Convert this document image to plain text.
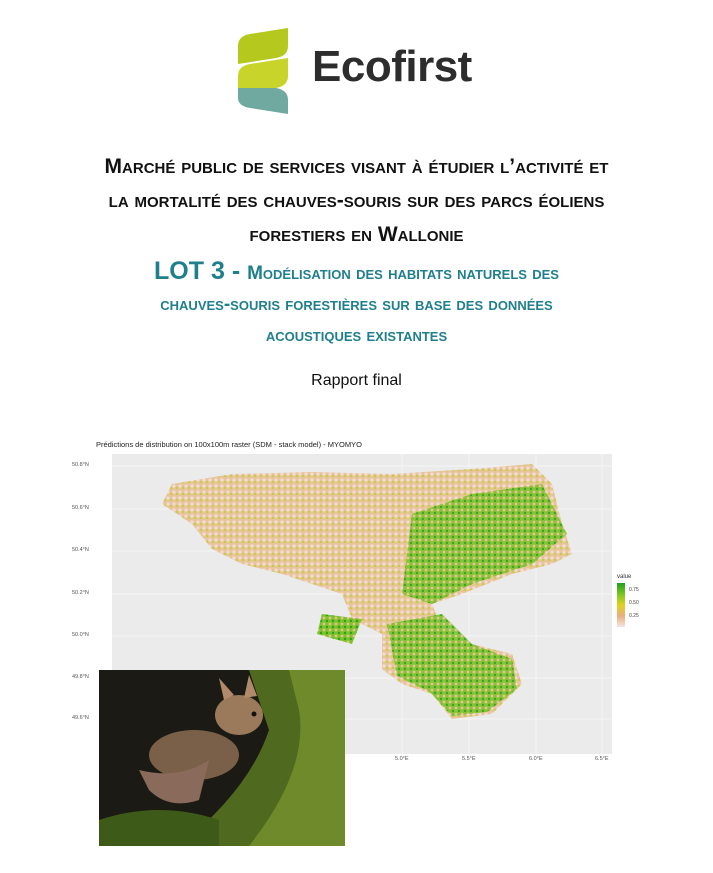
Ecofirst
Marché public de services visant à étudier l’activité et
la mortalité des chauves-souris sur des parcs éoliens
forestiers en Wallonie
LOT 3 - Modélisation des habitats naturels des
chauves-souris forestières sur base des données
acoustiques existantes
Rapport final
Prédictions de distribution on 100x100m raster (SDM - stack model) - MYOMYO
50.8°N
50.6°N
50.4°N
50.2°N
50.0°N
49.8°N
49.6°N
5.0°E	5.5°E	6.0°E	6.5°E
value
0.75
0.50
0.25
